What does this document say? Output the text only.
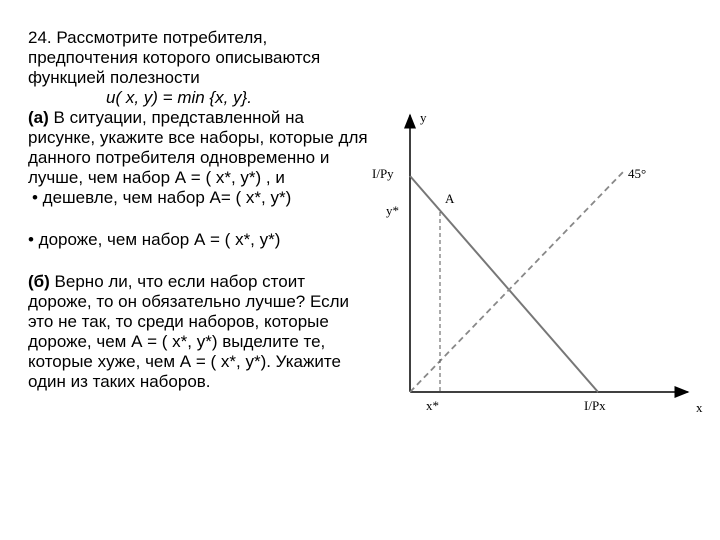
24. Рассмотрите потребителя, предпочтения которого описываются функцией полезности

u( x, y) = min {x, y}.

(а) В ситуации, представленной на рисунке, укажите все наборы, которые для данного потребителя одновременно и лучше, чем набор А = ( x*, y*) , и

• дешевле, чем набор А= ( x*, y*)

• дороже, чем набор А = ( x*, y*)

(б) Верно ли, что если набор стоит дороже, то он обязательно лучше? Если это не так, то среди наборов, которые дороже, чем А = ( x*, y*) выделите те, которые хуже, чем А = ( x*, y*). Укажите один из таких наборов.

y
x
I/Py
y*
A
45°
x*	I/Px
